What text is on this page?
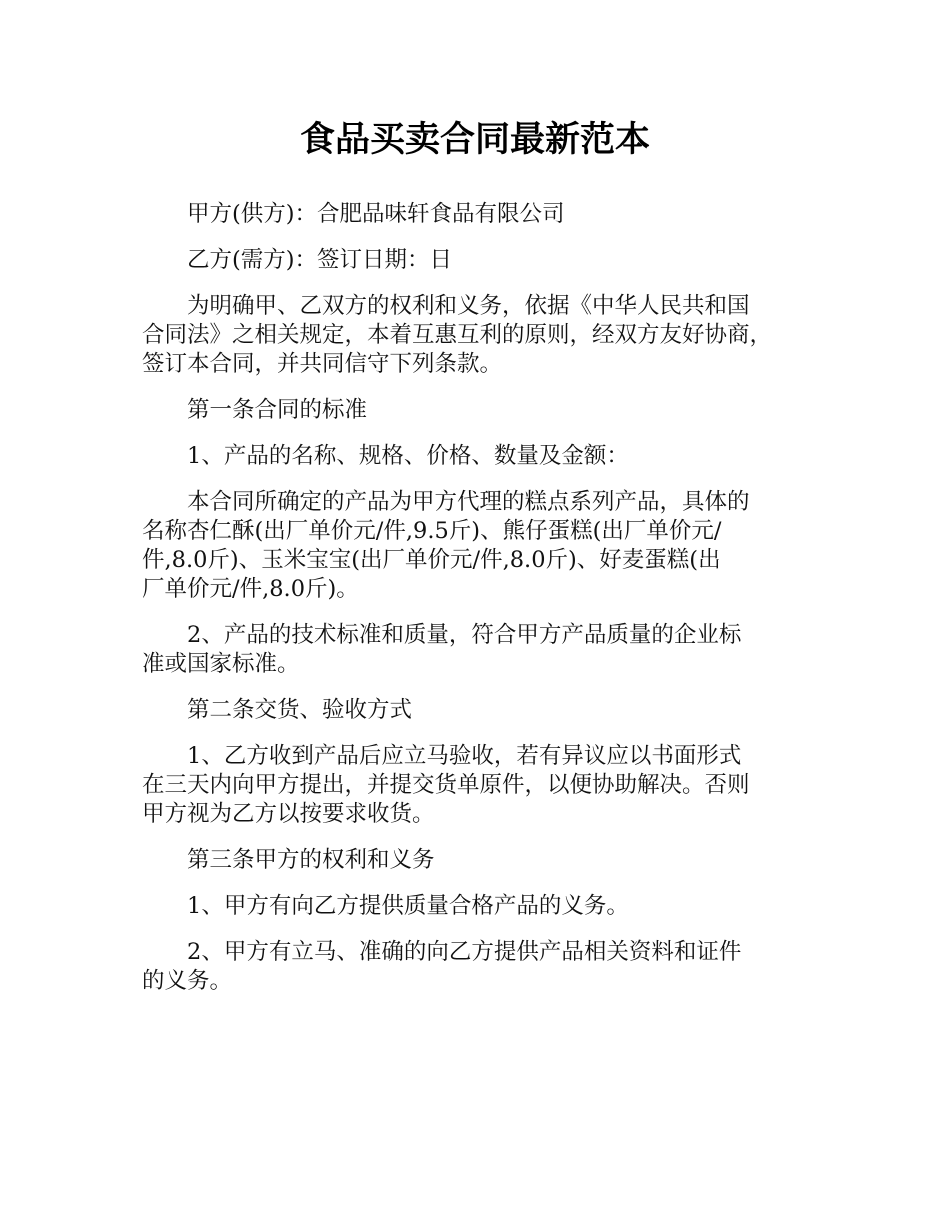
食品买卖合同最新范本

甲方(供方)：合肥品味轩食品有限公司

乙方(需方)：签订日期：日

为明确甲、乙双方的权利和义务，依据《中华人民共和国
合同法》之相关规定，本着互惠互利的原则，经双方友好协商，
签订本合同，并共同信守下列条款。

第一条合同的标准

1、产品的名称、规格、价格、数量及金额：

本合同所确定的产品为甲方代理的糕点系列产品，具体的
名称杏仁酥(出厂单价元/件,9.5斤)、熊仔蛋糕(出厂单价元/
件,8.0斤)、玉米宝宝(出厂单价元/件,8.0斤)、好麦蛋糕(出
厂单价元/件,8.0斤)。

2、产品的技术标准和质量，符合甲方产品质量的企业标
准或国家标准。

第二条交货、验收方式

1、乙方收到产品后应立马验收，若有异议应以书面形式
在三天内向甲方提出，并提交货单原件，以便协助解决。否则
甲方视为乙方以按要求收货。

第三条甲方的权利和义务

1、甲方有向乙方提供质量合格产品的义务。

2、甲方有立马、准确的向乙方提供产品相关资料和证件
的义务。
